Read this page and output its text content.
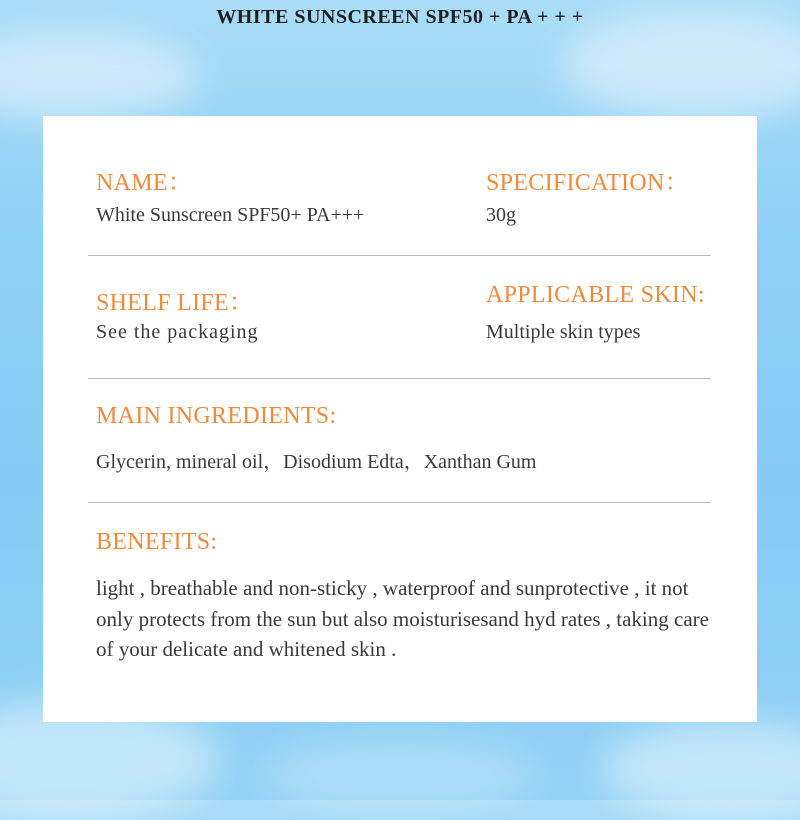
WHITE SUNSCREEN SPF50 + PA + + +
NAME：
White Sunscreen SPF50+ PA+++
SPECIFICATION：
30g
SHELF LIFE：
See the packaging
APPLICABLE SKIN:
Multiple skin types
MAIN INGREDIENTS:
Glycerin, mineral oil，Disodium Edta，Xanthan Gum
BENEFITS:
light , breathable and non-sticky , waterproof and sunprotective , it not only protects from the sun but also moisturisesand hyd rates , taking care of your delicate and whitened skin .
